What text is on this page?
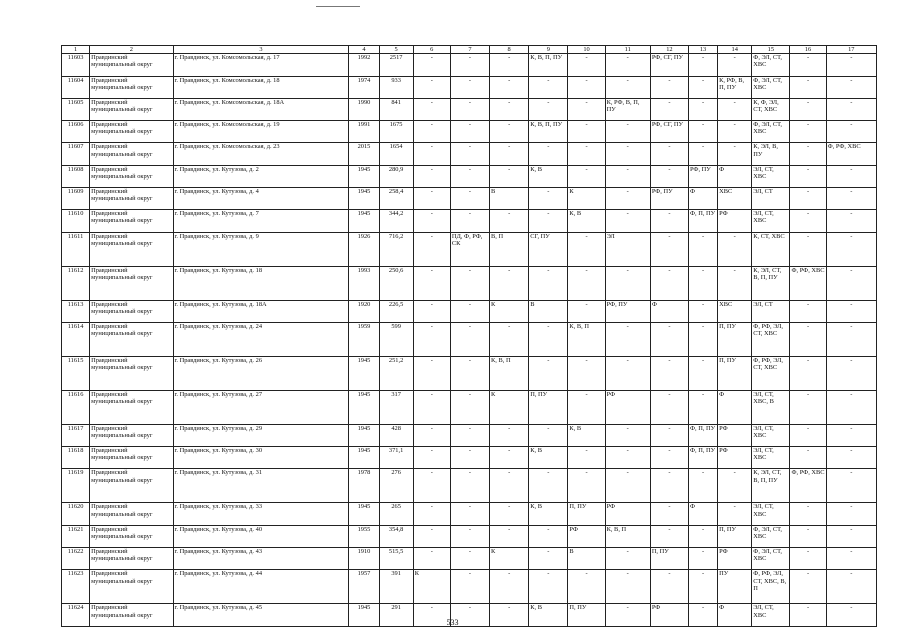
1	2	3	4	5	6	7	8	9	10	11	12	13	14	15	16	17
11603	Правдинский муниципальный округ	г. Правдинск, ул. Комсомольская, д. 17	1992	2517	-	-	-	К, В, П, ПУ	-	-	РФ, СГ, ПУ	-	-	Ф, ЭЛ, СТ, ХВС	-	-
11604	Правдинский муниципальный округ	г. Правдинск, ул. Комсомольская, д. 18	1974	933	-	-	-	-	-	-	-	-	К, РФ, В, П, ПУ	Ф, ЭЛ, СТ, ХВС	-	-
11605	Правдинский муниципальный округ	г. Правдинск, ул. Комсомольская, д. 18А	1990	841	-	-	-	-	-	К, РФ, В, П, ПУ	-	-	-	К, Ф, ЭЛ, СТ, ХВС	-	-
11606	Правдинский муниципальный округ	г. Правдинск, ул. Комсомольская, д. 19	1991	1675	-	-	-	К, В, П, ПУ	-	-	РФ, СГ, ПУ	-	-	Ф, ЭЛ, СТ, ХВС	-	-
11607	Правдинский муниципальный округ	г. Правдинск, ул. Комсомольская, д. 23	2015	1654	-	-	-	-	-	-	-	-	-	К, ЭЛ, В, ПУ	-	Ф, РФ, ХВС
11608	Правдинский муниципальный округ	г. Правдинск, ул. Кутузова, д. 2	1945	280,9	-	-	-	К, В	-	-	-	РФ, ПУ	Ф	ЭЛ, СТ, ХВС	-	-
11609	Правдинский муниципальный округ	г. Правдинск, ул. Кутузова, д. 4	1945	258,4	-	-	В	-	К	-	РФ, ПУ	Ф	ХВС	ЭЛ, СТ	-	-
11610	Правдинский муниципальный округ	г. Правдинск, ул. Кутузова, д. 7	1945	344,2	-	-	-	-	К, В	-	-	Ф, П, ПУ	РФ	ЭЛ, СТ, ХВС	-	-
11611	Правдинский муниципальный округ	г. Правдинск, ул. Кутузова, д. 9	1926	716,2	-	ПД, Ф, РФ, СК	В, П	СГ, ПУ	-	ЭЛ	-	-	-	К, СТ, ХВС	-	-
11612	Правдинский муниципальный округ	г. Правдинск, ул. Кутузова, д. 18	1993	250,6	-	-	-	-	-	-	-	-	-	К, ЭЛ, СТ, В, П, ПУ	Ф, РФ, ХВС	-
11613	Правдинский муниципальный округ	г. Правдинск, ул. Кутузова, д. 18А	1920	226,5	-	-	К	В	-	РФ, ПУ	Ф	-	ХВС	ЭЛ, СТ	-	-
11614	Правдинский муниципальный округ	г. Правдинск, ул. Кутузова, д. 24	1959	599	-	-	-	-	К, В, П	-	-	-	П, ПУ	Ф, РФ, ЭЛ, СТ, ХВС	-	-
11615	Правдинский муниципальный округ	г. Правдинск, ул. Кутузова, д. 26	1945	251,2	-	-	К, В, П	-	-	-	-	-	П, ПУ	Ф, РФ, ЭЛ, СТ, ХВС	-	-
11616	Правдинский муниципальный округ	г. Правдинск, ул. Кутузова, д. 27	1945	317	-	-	К	П, ПУ	-	РФ	-	-	Ф	ЭЛ, СТ, ХВС, В	-	-
11617	Правдинский муниципальный округ	г. Правдинск, ул. Кутузова, д. 29	1945	428	-	-	-	-	К, В	-	-	Ф, П, ПУ	РФ	ЭЛ, СТ, ХВС	-	-
11618	Правдинский муниципальный округ	г. Правдинск, ул. Кутузова, д. 30	1945	371,1	-	-	-	К, В	-	-	-	Ф, П, ПУ	РФ	ЭЛ, СТ, ХВС	-	-
11619	Правдинский муниципальный округ	г. Правдинск, ул. Кутузова, д. 31	1978	276	-	-	-	-	-	-	-	-	-	К, ЭЛ, СТ, В, П, ПУ	Ф, РФ, ХВС	-
11620	Правдинский муниципальный округ	г. Правдинск, ул. Кутузова, д. 33	1945	265	-	-	-	К, В	П, ПУ	РФ	-	Ф	-	ЭЛ, СТ, ХВС	-	-
11621	Правдинский муниципальный округ	г. Правдинск, ул. Кутузова, д. 40	1955	354,8	-	-	-	-	РФ	К, В, П	-	-	П, ПУ	Ф, ЭЛ, СТ, ХВС	-	-
11622	Правдинский муниципальный округ	г. Правдинск, ул. Кутузова, д. 43	1910	515,5	-	-	К	-	В	-	П, ПУ	-	РФ	Ф, ЭЛ, СТ, ХВС	-	-
11623	Правдинский муниципальный округ	г. Правдинск, ул. Кутузова, д. 44	1957	391	К	-	-	-	-	-	-	-	ПУ	Ф, РФ, ЭЛ, СТ, ХВС, В, П	-	-
11624	Правдинский муниципальный округ	г. Правдинск, ул. Кутузова, д. 45	1945	291	-	-	-	К, В	П, ПУ	-	РФ	-	Ф	ЭЛ, СТ, ХВС	-	-
533
